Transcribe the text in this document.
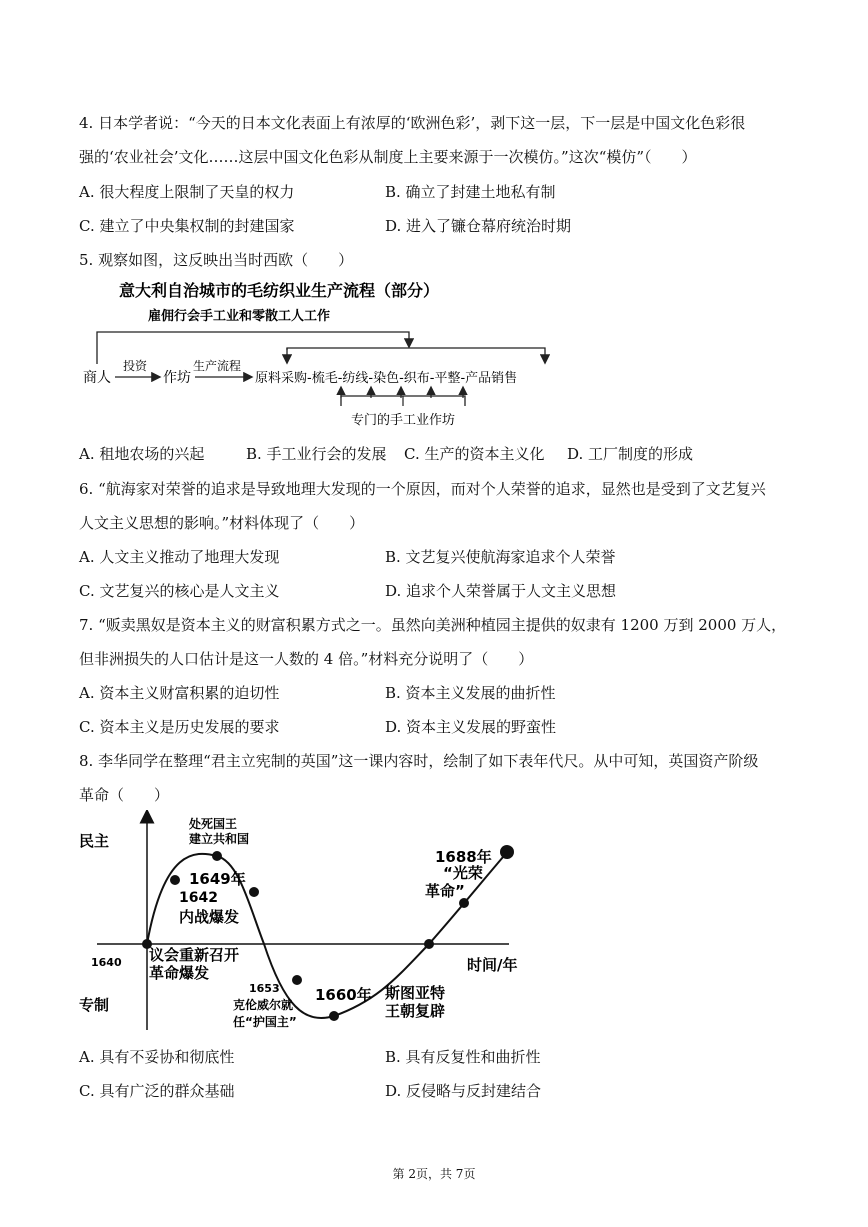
4. 日本学者说：“今天的日本文化表面上有浓厚的‘欧洲色彩’，剥下这一层，下一层是中国文化色彩很
强的‘农业社会’文化……这层中国文化色彩从制度上主要来源于一次模仿。”这次“模仿”（　　）
A. 很大程度上限制了天皇的权力	B. 确立了封建土地私有制
C. 建立了中央集权制的封建国家	D. 进入了镰仓幕府统治时期
5. 观察如图，这反映出当时西欧（　　）
意大利自治城市的毛纺织业生产流程（部分）
雇佣行会手工业和零散工人工作
商人
投资
作坊
生产流程
原料采购-梳毛-纺线-染色-织布-平整-产品销售
专门的手工业作坊
A. 租地农场的兴起	B. 手工业行会的发展 C. 生产的资本主义化 D. 工厂制度的形成
6. “航海家对荣誉的追求是导致地理大发现的一个原因，而对个人荣誉的追求，显然也是受到了文艺复兴
人文主义思想的影响。”材料体现了（　　）
A. 人文主义推动了地理大发现	B. 文艺复兴使航海家追求个人荣誉
C. 文艺复兴的核心是人文主义	D. 追求个人荣誉属于人文主义思想
7. “贩卖黑奴是资本主义的财富积累方式之一。虽然向美洲种植园主提供的奴隶有 1200 万到 2000 万人，
但非洲损失的人口估计是这一人数的 4 倍。”材料充分说明了（　　）
A. 资本主义财富积累的迫切性	B. 资本主义发展的曲折性
C. 资本主义是历史发展的要求	D. 资本主义发展的野蛮性
8. 李华同学在整理“君主立宪制的英国”这一课内容时，绘制了如下表年代尺。从中可知，英国资产阶级
革命（　　）
民主
专制
时间/年
1640 议会重新召开
革命爆发
1642
内战爆发
1649年
处死国王
建立共和国
1653
克伦威尔就
任“护国主”
1660年 斯图亚特
王朝复辟
1688年
“光荣
革命”
A. 具有不妥协和彻底性	B. 具有反复性和曲折性
C. 具有广泛的群众基础	D. 反侵略与反封建结合
第 2页，共 7页
